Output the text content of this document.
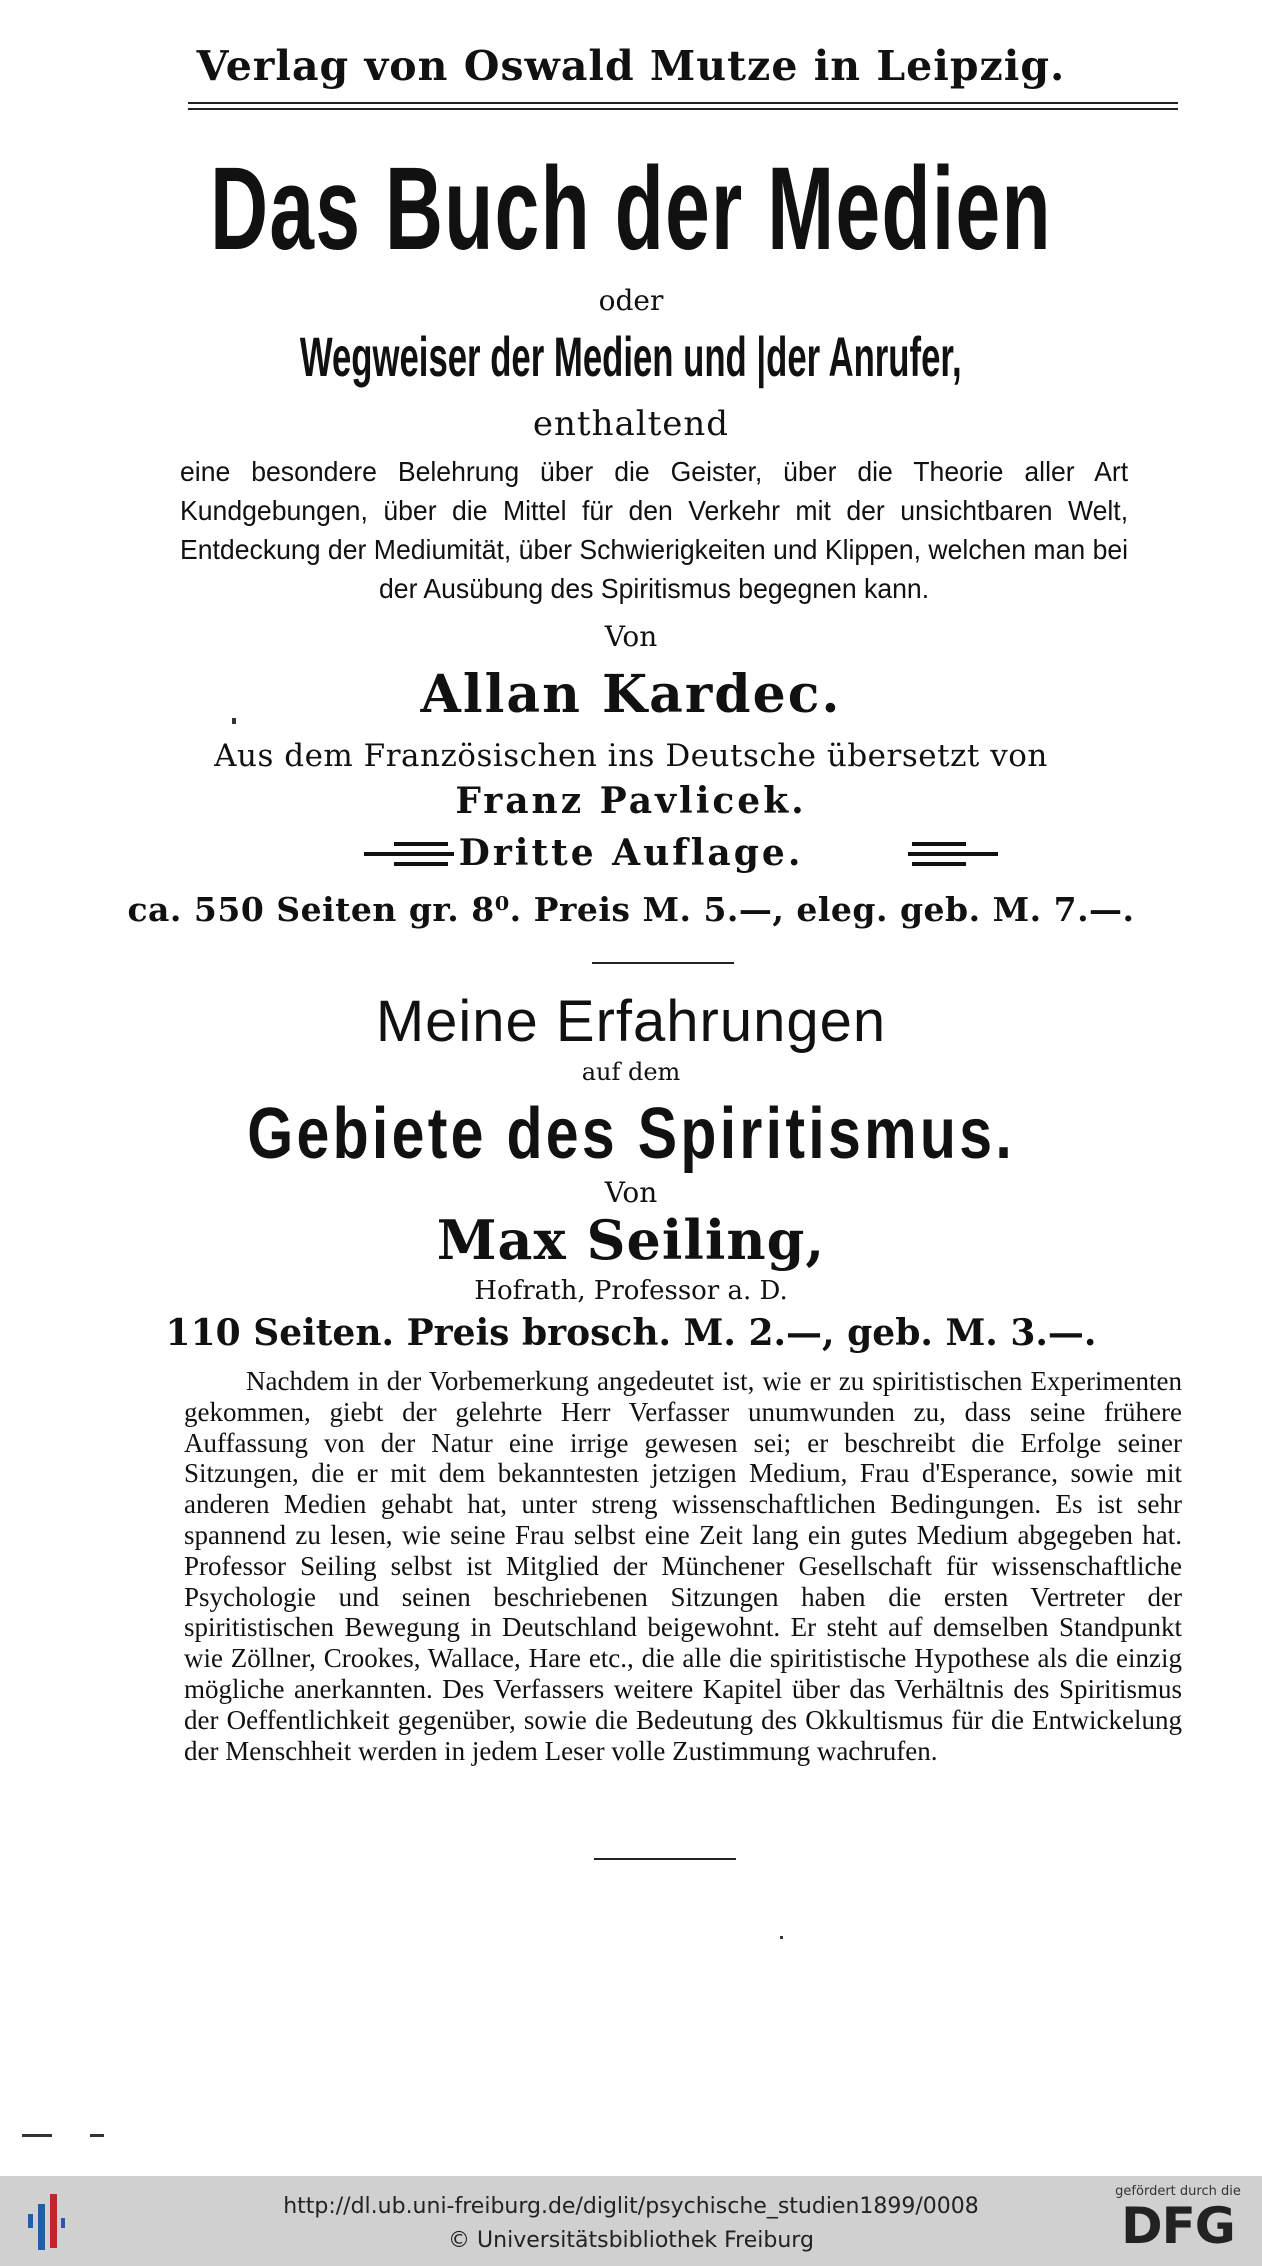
Verlag von Oswald Mutze in Leipzig.
Das Buch der Medien
oder
Wegweiser der Medien und |der Anrufer,
enthaltend
eine besondere Belehrung über die Geister, über die Theorie aller Art Kundgebungen, über die Mittel für den Verkehr mit der unsichtbaren Welt, Entdeckung der Mediumität, über Schwierigkeiten und Klippen, welchen man bei der Ausübung des Spiritismus begegnen kann.
Von
Allan Kardec.
Aus dem Französischen ins Deutsche übersetzt von
Franz Pavlicek.
Dritte Auflage.
ca. 550 Seiten gr. 8⁰. Preis M. 5.—, eleg. geb. M. 7.—.
Meine Erfahrungen
auf dem
Gebiete des Spiritismus.
Von
Max Seiling,
Hofrath, Professor a. D.
110 Seiten. Preis brosch. M. 2.—, geb. M. 3.—.

Nachdem in der Vorbemerkung angedeutet ist, wie er zu spiritistischen Experimenten gekommen, giebt der gelehrte Herr Verfasser unumwunden zu, dass seine frühere Auffassung von der Natur eine irrige gewesen sei; er beschreibt die Erfolge seiner Sitzungen, die er mit dem bekanntesten jetzigen Medium, Frau d'Esperance, sowie mit anderen Medien gehabt hat, unter streng wissenschaftlichen Bedingungen. Es ist sehr spannend zu lesen, wie seine Frau selbst eine Zeit lang ein gutes Medium abgegeben hat. Professor Seiling selbst ist Mitglied der Münchener Gesellschaft für wissenschaftliche Psychologie und seinen beschriebenen Sitzungen haben die ersten Vertreter der spiritistischen Bewegung in Deutschland beigewohnt. Er steht auf demselben Standpunkt wie Zöllner, Crookes, Wallace, Hare etc., die alle die spiritistische Hypothese als die einzig mögliche anerkannten. Des Verfassers weitere Kapitel über das Verhältnis des Spiritismus der Oeffentlichkeit gegenüber, sowie die Bedeutung des Okkultismus für die Entwickelung der Menschheit werden in jedem Leser volle Zustimmung wachrufen.

http://dl.ub.uni-freiburg.de/diglit/psychische_studien1899/0008
© Universitätsbibliothek Freiburg
gefördert durch die
DFG
